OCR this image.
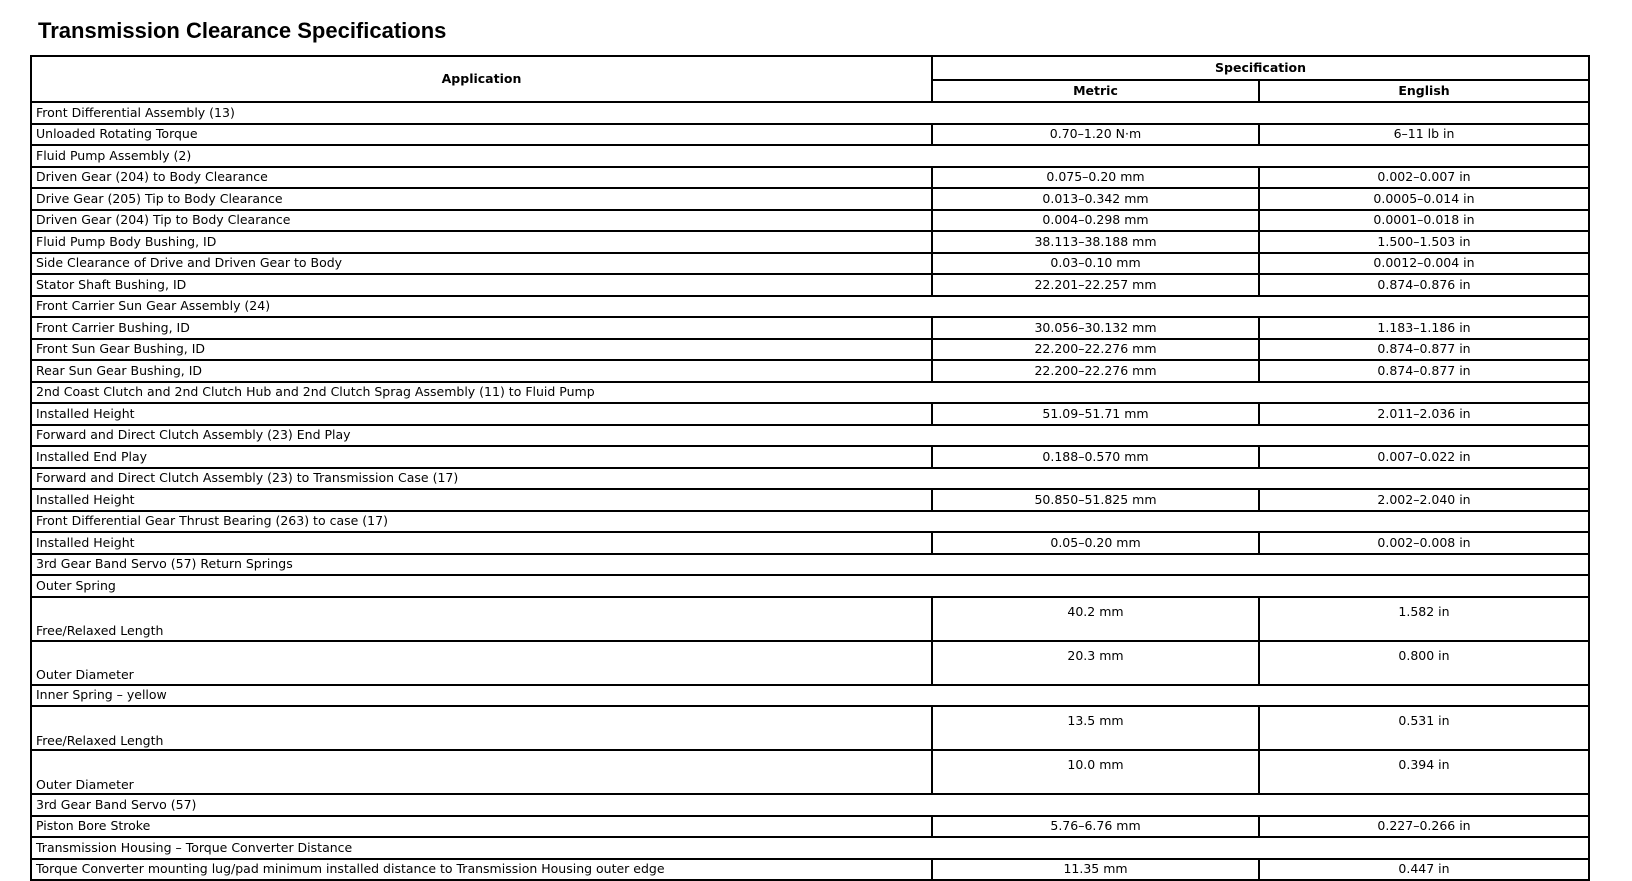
Transmission Clearance Specifications
Application	Specification	
	Metric	English
Front Differential Assembly (13)		
Unloaded Rotating Torque	0.70–1.20 N·m	6–11 lb in
Fluid Pump Assembly (2)		
Driven Gear (204) to Body Clearance	0.075–0.20 mm	0.002–0.007 in
Drive Gear (205) Tip to Body Clearance	0.013–0.342 mm	0.0005–0.014 in
Driven Gear (204) Tip to Body Clearance	0.004–0.298 mm	0.0001–0.018 in
Fluid Pump Body Bushing, ID	38.113–38.188 mm	1.500–1.503 in
Side Clearance of Drive and Driven Gear to Body	0.03–0.10 mm	0.0012–0.004 in
Stator Shaft Bushing, ID	22.201–22.257 mm	0.874–0.876 in
Front Carrier Sun Gear Assembly (24)		
Front Carrier Bushing, ID	30.056–30.132 mm	1.183–1.186 in
Front Sun Gear Bushing, ID	22.200–22.276 mm	0.874–0.877 in
Rear Sun Gear Bushing, ID	22.200–22.276 mm	0.874–0.877 in
2nd Coast Clutch and 2nd Clutch Hub and 2nd Clutch Sprag Assembly (11) to Fluid Pump		
Installed Height	51.09–51.71 mm	2.011–2.036 in
Forward and Direct Clutch Assembly (23) End Play		
Installed End Play	0.188–0.570 mm	0.007–0.022 in
Forward and Direct Clutch Assembly (23) to Transmission Case (17)		
Installed Height	50.850–51.825 mm	2.002–2.040 in
Front Differential Gear Thrust Bearing (263) to case (17)		
Installed Height	0.05–0.20 mm	0.002–0.008 in
3rd Gear Band Servo (57) Return Springs		
Outer Spring		
Free/Relaxed Length	40.2 mm	1.582 in
Outer Diameter	20.3 mm	0.800 in
Inner Spring – yellow		
Free/Relaxed Length	13.5 mm	0.531 in
Outer Diameter	10.0 mm	0.394 in
3rd Gear Band Servo (57)		
Piston Bore Stroke	5.76–6.76 mm	0.227–0.266 in
Transmission Housing – Torque Converter Distance		
Torque Converter mounting lug/pad minimum installed distance to Transmission Housing outer edge	11.35 mm	0.447 in
